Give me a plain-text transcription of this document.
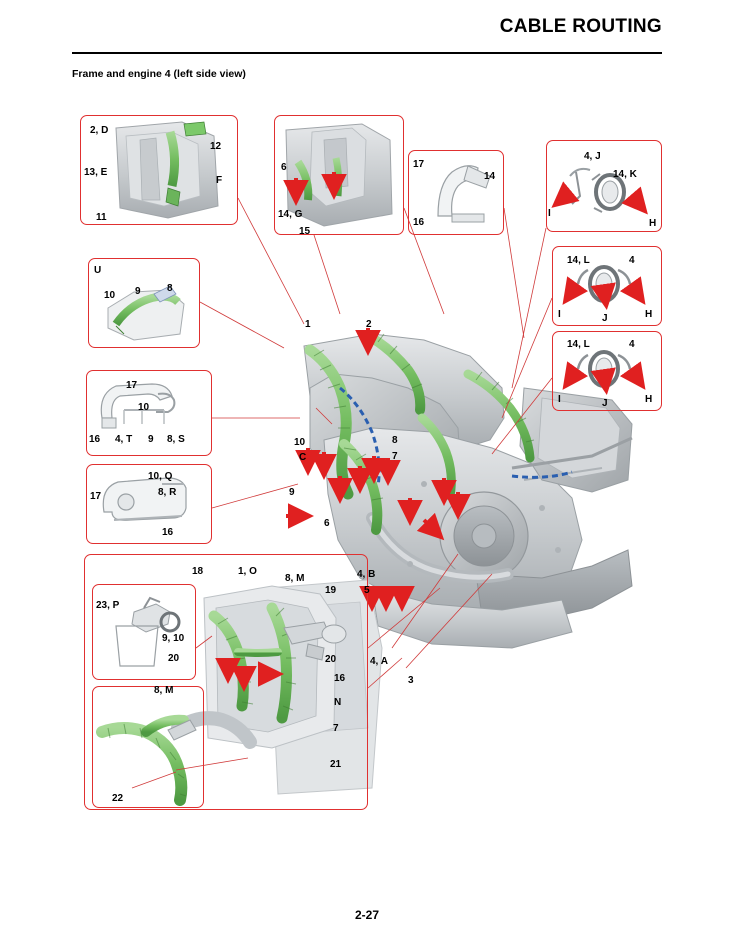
CABLE ROUTING
Frame and engine 4 (left side view)
2, D
12
13, E
F
11
6
14, G
15
17
14
16
4, J
14, K
I
H
14, L	4
I	J	H
14, L	4
I	J	H
U
10 9	8
17
10
16 4, T 9 8, S
10, Q
8, R
17
16
1	2
10
C
8
7
9
6
18	1, O
8, M
19
4, B
5
23, P
9, 10
20	20
16
N
7
21
8, M
22
4, A
3
2-27
